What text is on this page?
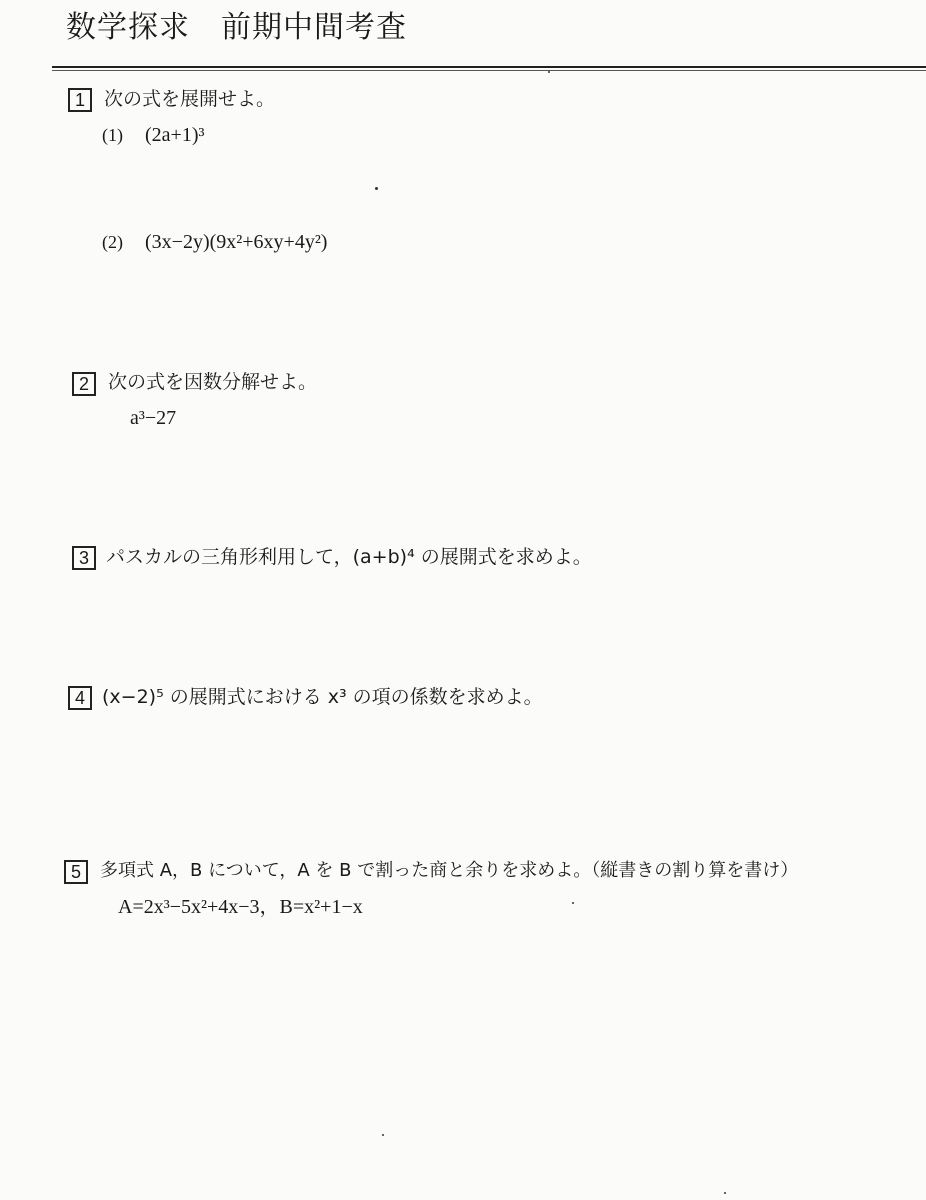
数学探求　前期中間考査
1	次の式を展開せよ。
(1) (2a+1)³
(2) (3x−2y)(9x²+6xy+4y²)
2	次の式を因数分解せよ。
a³−27
3 パスカルの三角形利用して，(a+b)⁴ の展開式を求めよ。
4 (x−2)⁵ の展開式における x³ の項の係数を求めよ。
5	多項式 A，B について，A を B で割った商と余りを求めよ。（縦書きの割り算を書け）
A=2x³−5x²+4x−3，B=x²+1−x
